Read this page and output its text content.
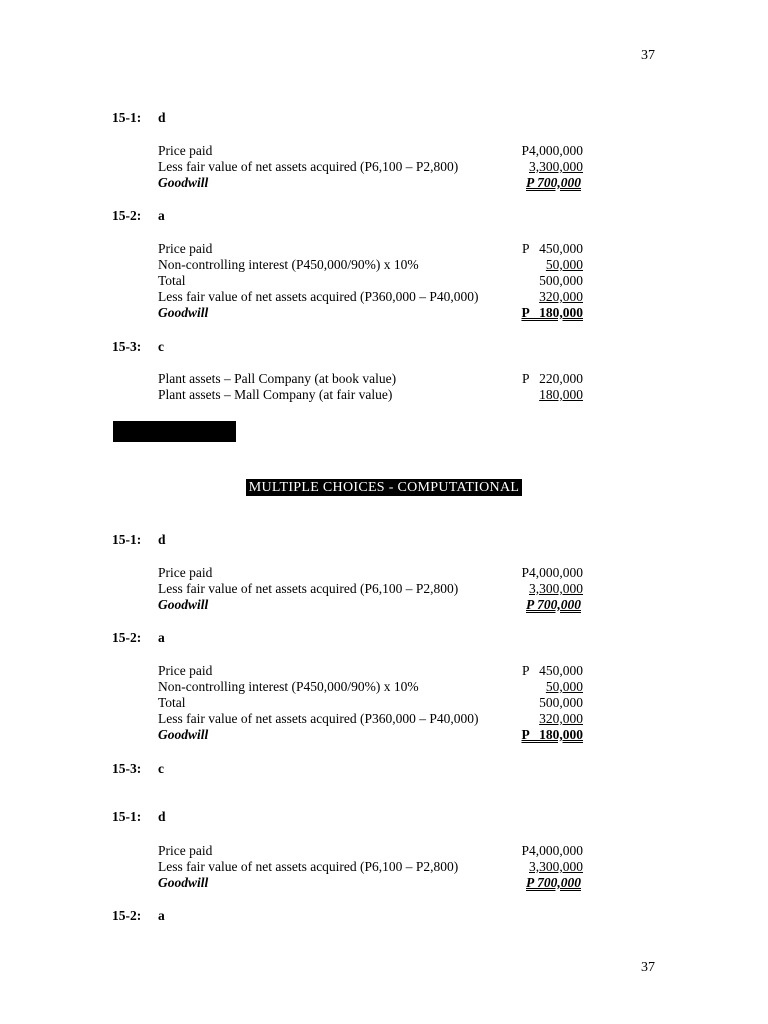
37
15-1: d
Price paid	P4,000,000
Less fair value of net assets acquired (P6,100 – P2,800)	3,300,000
Goodwill	P 700,000
15-2: a
Price paid	P   450,000
Non-controlling interest (P450,000/90%) x 10%	50,000
Total	500,000
Less fair value of net assets acquired (P360,000 – P40,000)	320,000
Goodwill	P   180,000
15-3: c
Plant assets – Pall Company (at book value)	P   220,000
Plant assets – Mall Company (at fair value)	180,000
MULTIPLE CHOICES - COMPUTATIONAL
15-1: d
Price paid	P4,000,000
Less fair value of net assets acquired (P6,100 – P2,800)	3,300,000
Goodwill	P 700,000
15-2: a
Price paid	P   450,000
Non-controlling interest (P450,000/90%) x 10%	50,000
Total	500,000
Less fair value of net assets acquired (P360,000 – P40,000)	320,000
Goodwill	P   180,000
15-3: c
15-1: d
Price paid	P4,000,000
Less fair value of net assets acquired (P6,100 – P2,800)	3,300,000
Goodwill	P 700,000
15-2: a
37
